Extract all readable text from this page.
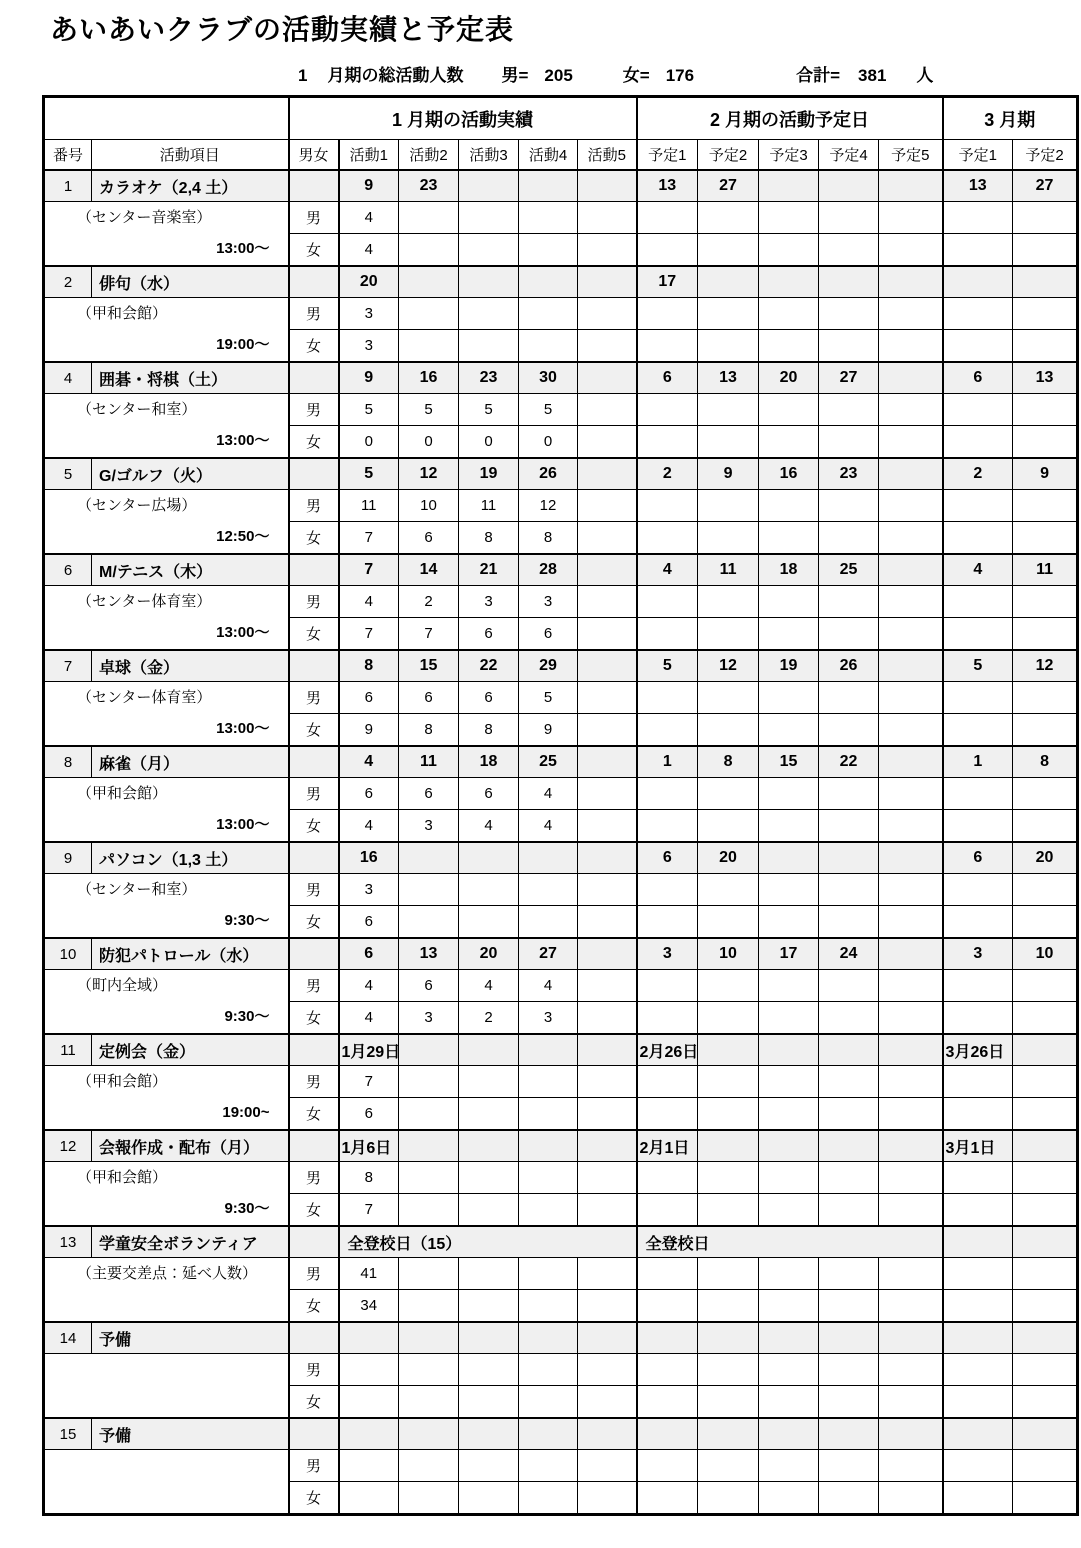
あいあいクラブの活動実績と予定表
1 月期の総活動人数 男= 205	女= 176	合計= 381 人
		1 月期の活動実績						2 月期の活動予定日					3 月期	
番号	活動項目	男女	活動1	活動2	活動3	活動4	活動5	予定1	予定2	予定3	予定4	予定5	予定1	予定2
1	カラオケ（2,4 土）		9	23				13	27				13	27

（センター音楽室）
13:00～		男	4											
		女	4											
2	俳句（水）		20					17						

（甲和会館）
19:00～		男	3											
		女	3											
4	囲碁・将棋（土）		9	16	23	30		6	13	20	27		6	13

（センター和室）
13:00～		男	5	5	5	5								
		女	0	0	0	0								
5	G/ゴルフ（火）		5	12	19	26		2	9	16	23		2	9

（センター広場）
12:50～		男	11	10	11	12								
		女	7	6	8	8								
6	M/テニス（木）		7	14	21	28		4	11	18	25		4	11

（センター体育室）
13:00～		男	4	2	3	3								
		女	7	7	6	6								
7	卓球（金）		8	15	22	29		5	12	19	26		5	12

（センター体育室）
13:00～		男	6	6	6	5								
		女	9	8	8	9								
8	麻雀（月）		4	11	18	25		1	8	15	22		1	8

（甲和会館）
13:00～		男	6	6	6	4								
		女	4	3	4	4								
9	パソコン（1,3 土）		16					6	20				6	20

（センター和室）
9:30～		男	3											
		女	6											
10	防犯パトロール（水）		6	13	20	27		3	10	17	24		3	10

（町内全域）
9:30～		男	4	6	4	4								
		女	4	3	2	3								
11	定例会（金）		1月29日					2月26日					3月26日	

（甲和会館）
19:00~		男	7											
		女	6											
12	会報作成・配布（月）		1月6日					2月1日					3月1日	

（甲和会館）
9:30～		男	8											
		女	7											
13	学童安全ボランティア		全登校日（15）					全登校日						

（主要交差点：延べ人数）		男	41											
		女	34											
14	予備													

		男												
		女												
15	予備													

		男												
		女												
